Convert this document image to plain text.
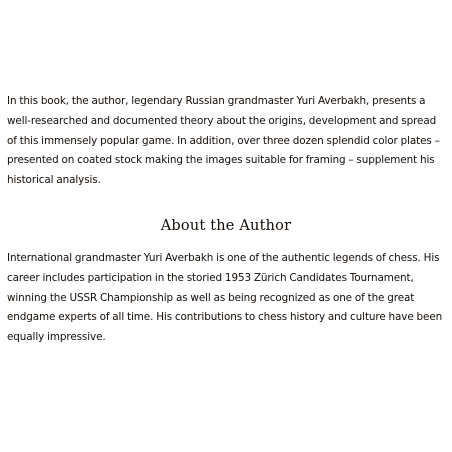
In this book, the author, legendary Russian grandmaster Yuri Averbakh, presents a well-researched and documented theory about the origins, development and spread of this immensely popular game. In addition, over three dozen splendid color plates – presented on coated stock making the images suitable for framing – supplement his historical analysis.

About the Author

International grandmaster Yuri Averbakh is one of the authentic legends of chess. His career includes participation in the storied 1953 Zürich Candidates Tournament, winning the USSR Championship as well as being recognized as one of the great endgame experts of all time. His contributions to chess history and culture have been equally impressive.
